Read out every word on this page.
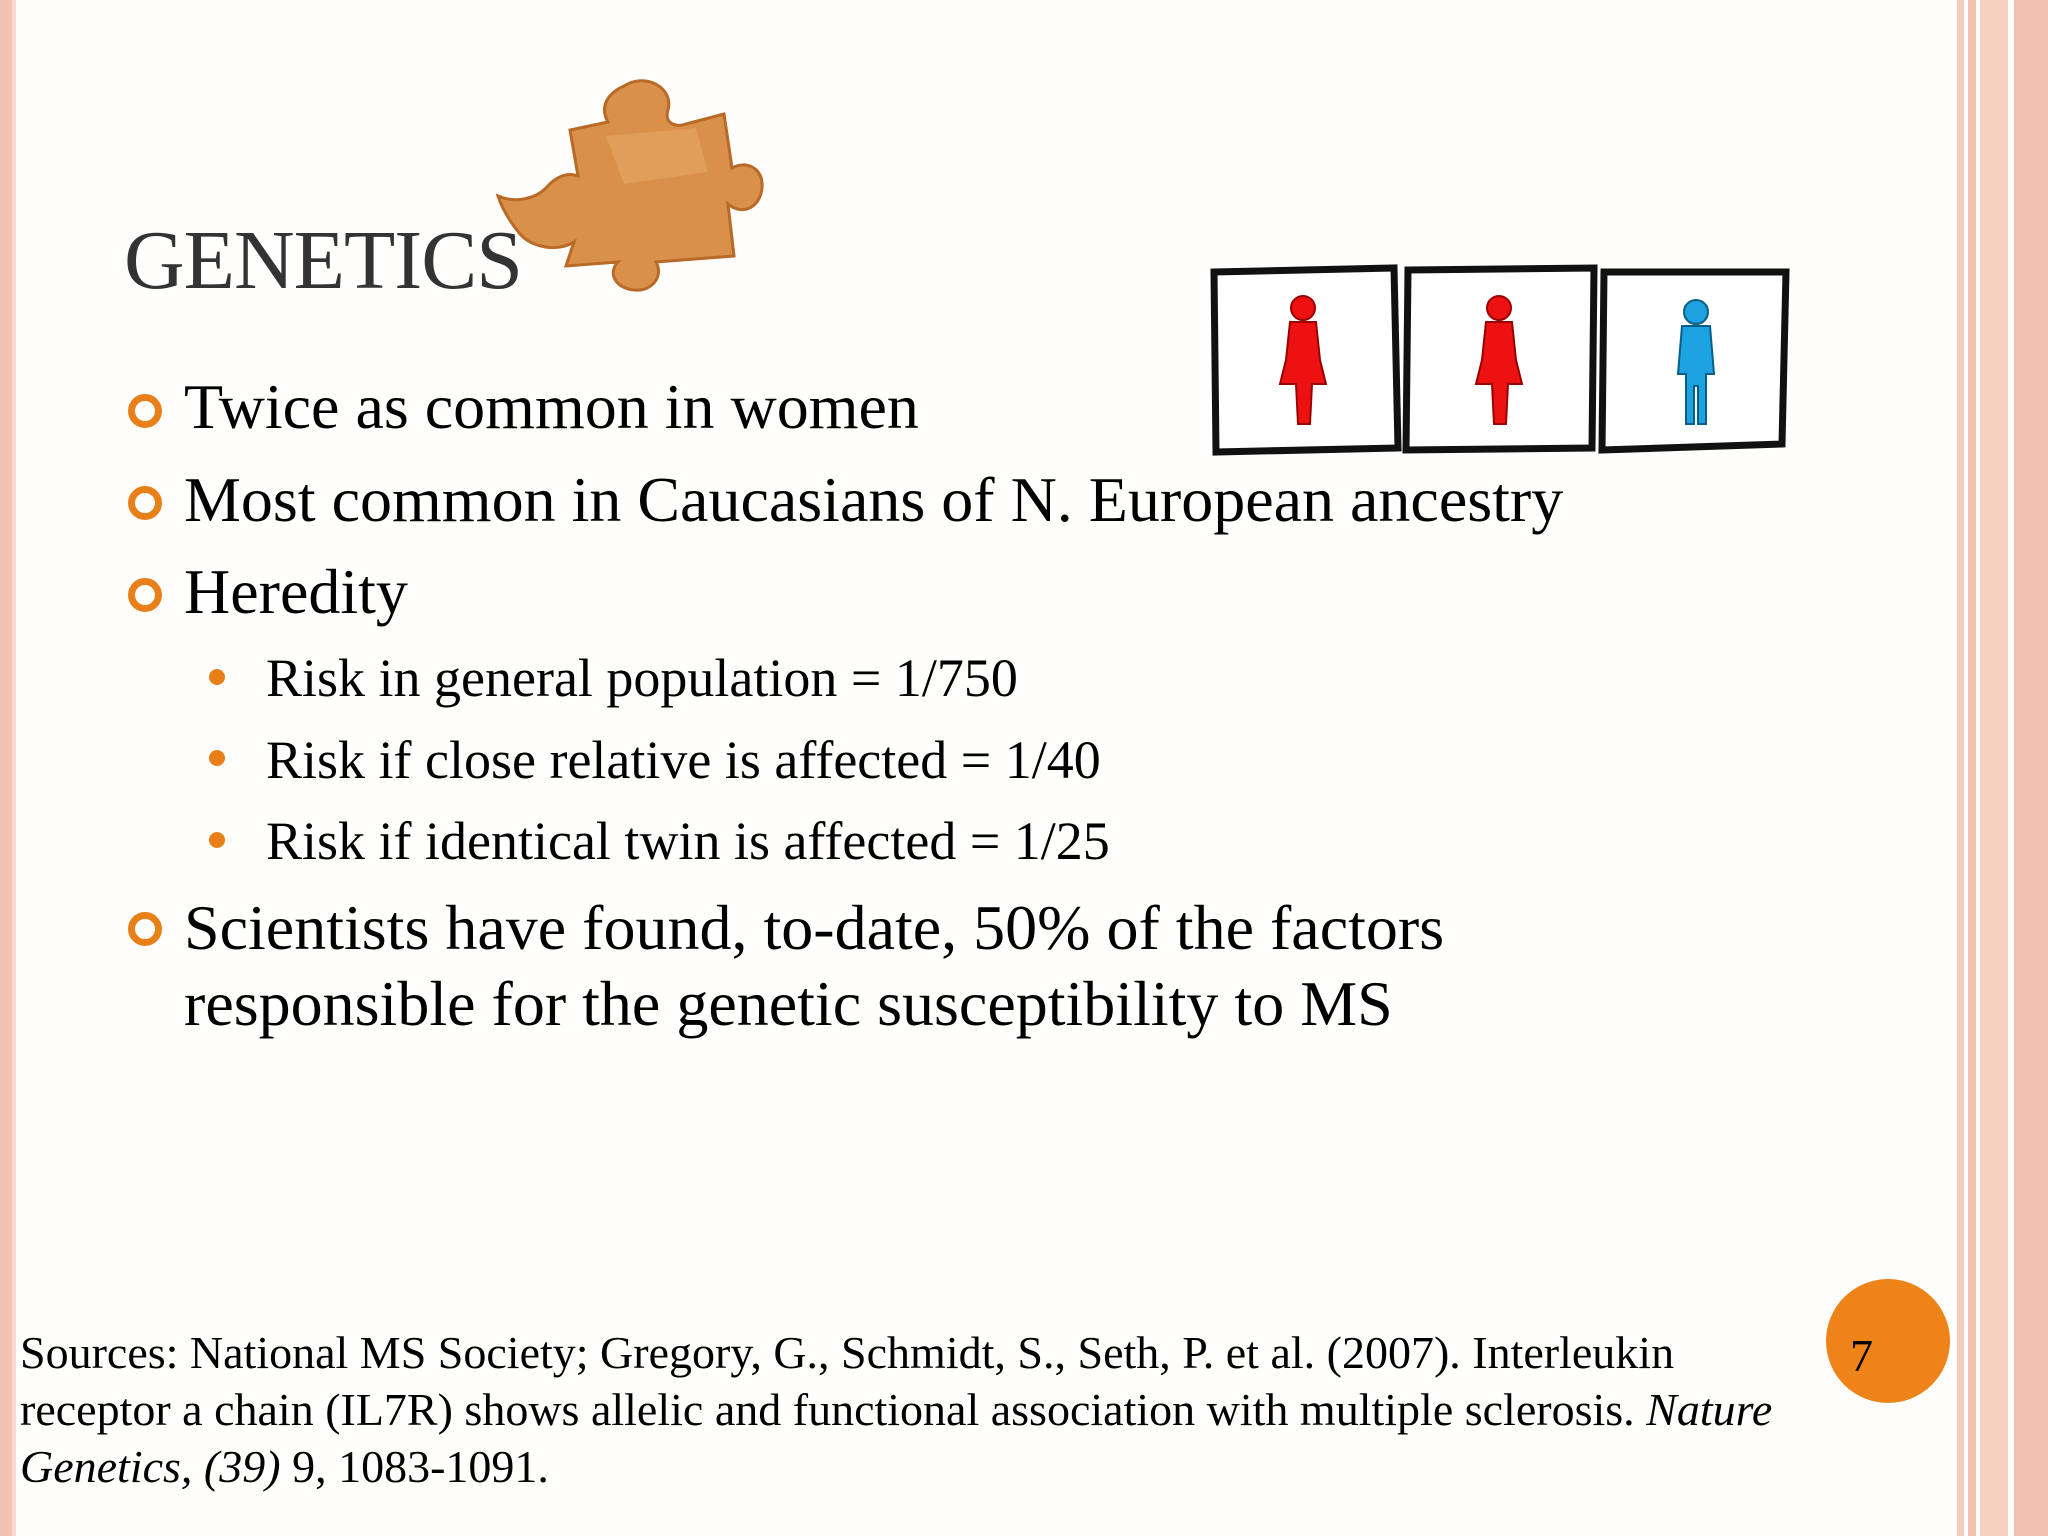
GENETICS
Twice as common in women
Most common in Caucasians of N. European ancestry
Heredity
Risk in general population = 1/750
Risk if close relative is affected = 1/40
Risk if identical twin is affected = 1/25
Scientists have found, to-date, 50% of the factors
responsible for the genetic susceptibility to MS

Sources: National MS Society; Gregory, G., Schmidt, S., Seth, P. et al. (2007). Interleukin
receptor a chain (IL7R) shows allelic and functional association with multiple sclerosis. Nature
Genetics, (39) 9, 1083-1091.

7
